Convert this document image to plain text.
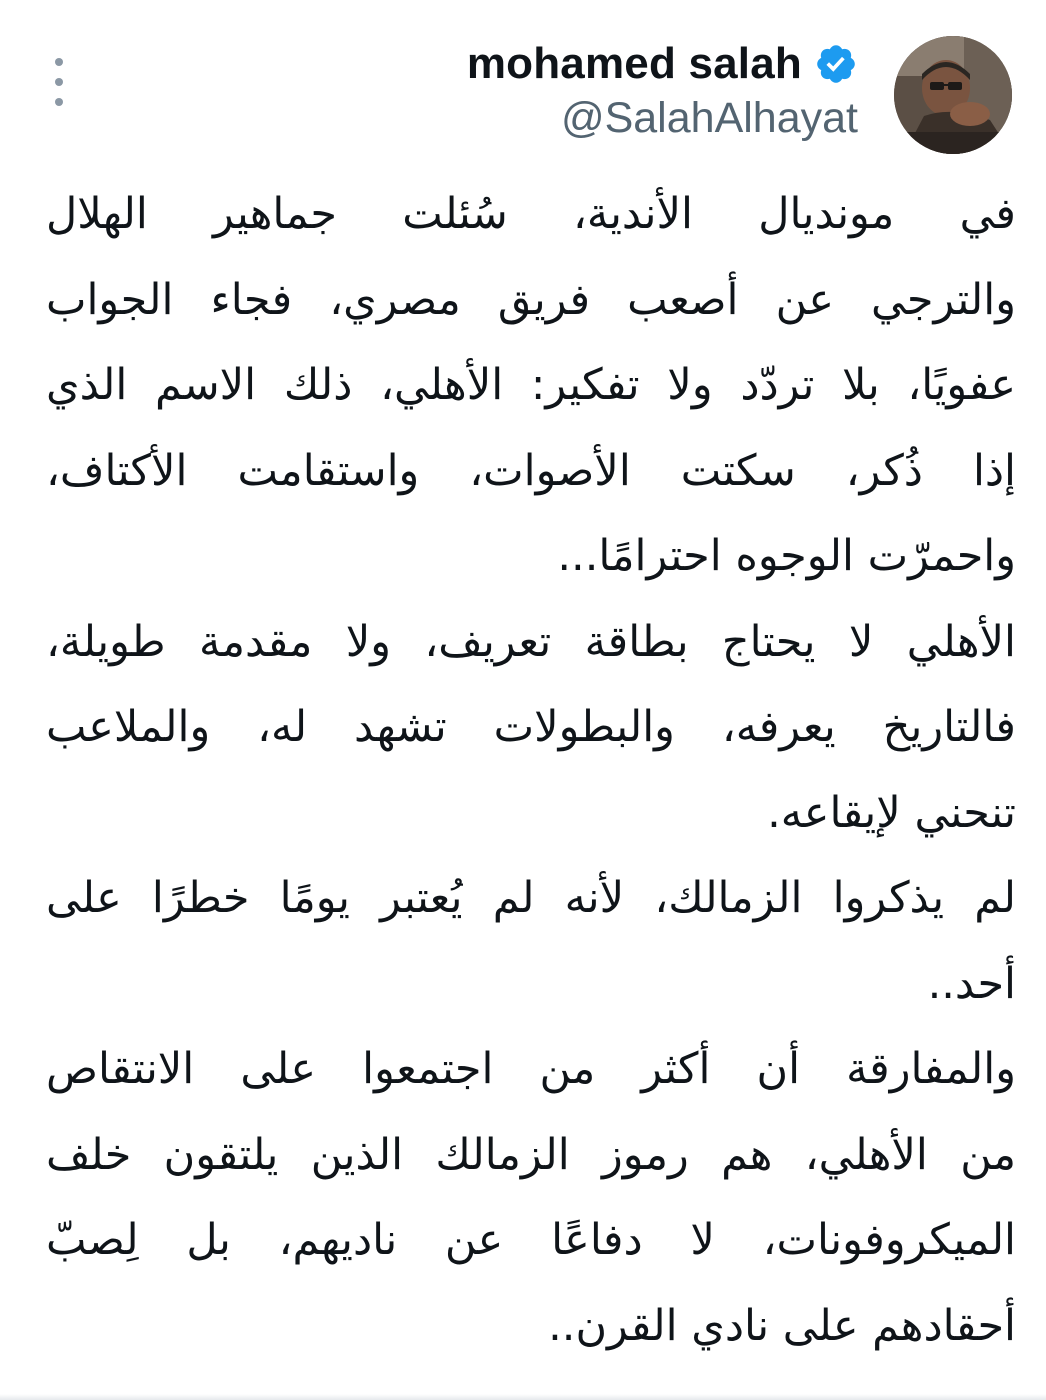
mohamed salah
@SalahAlhayat
في مونديال الأندية، سُئلت جماهير الهلال
والترجي عن أصعب فريق مصري، فجاء الجواب
عفويًا، بلا تردّد ولا تفكير: الأهلي، ذلك الاسم الذي
إذا ذُكر، سكتت الأصوات، واستقامت الأكتاف،
واحمرّت الوجوه احترامًا...
الأهلي لا يحتاج بطاقة تعريف، ولا مقدمة طويلة،
فالتاريخ يعرفه، والبطولات تشهد له، والملاعب
تنحني لإيقاعه.
لم يذكروا الزمالك، لأنه لم يُعتبر يومًا خطرًا على
أحد..
والمفارقة أن أكثر من اجتمعوا على الانتقاص
من الأهلي، هم رموز الزمالك الذين يلتقون خلف
الميكروفونات، لا دفاعًا عن ناديهم، بل لِصبّ
أحقادهم على نادي القرن..
